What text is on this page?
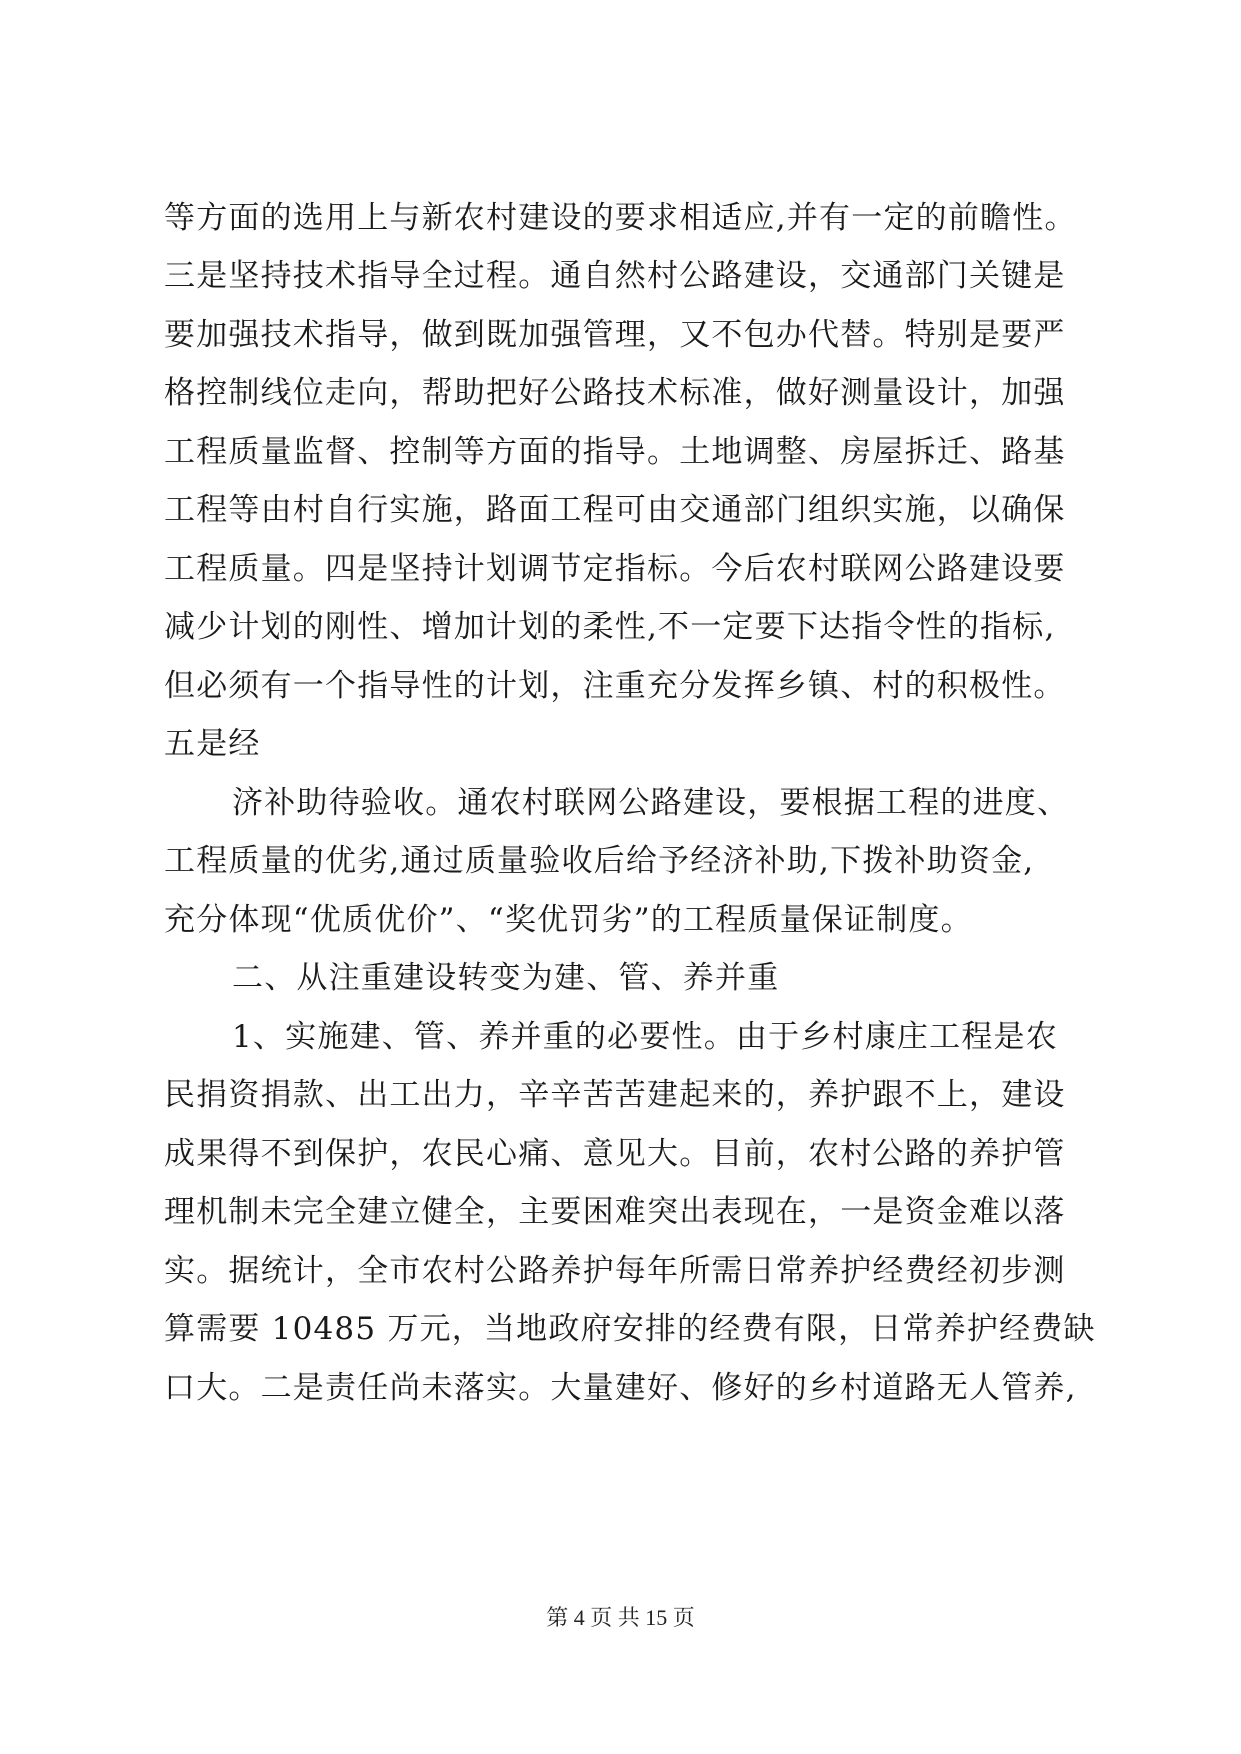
等方面的选用上与新农村建设的要求相适应,并有一定的前瞻性。
三是坚持技术指导全过程。通自然村公路建设，交通部门关键是
要加强技术指导，做到既加强管理，又不包办代替。特别是要严
格控制线位走向，帮助把好公路技术标准，做好测量设计，加强
工程质量监督、控制等方面的指导。土地调整、房屋拆迁、路基
工程等由村自行实施，路面工程可由交通部门组织实施，以确保
工程质量。四是坚持计划调节定指标。今后农村联网公路建设要
减少计划的刚性、增加计划的柔性,不一定要下达指令性的指标,
但必须有一个指导性的计划，注重充分发挥乡镇、村的积极性。
五是经
济补助待验收。通农村联网公路建设，要根据工程的进度、
工程质量的优劣,通过质量验收后给予经济补助,下拨补助资金,
充分体现“优质优价”、“奖优罚劣”的工程质量保证制度。
二、从注重建设转变为建、管、养并重
1、实施建、管、养并重的必要性。由于乡村康庄工程是农
民捐资捐款、出工出力，辛辛苦苦建起来的，养护跟不上，建设
成果得不到保护，农民心痛、意见大。目前，农村公路的养护管
理机制未完全建立健全，主要困难突出表现在，一是资金难以落
实。据统计，全市农村公路养护每年所需日常养护经费经初步测
算需要 10485 万元，当地政府安排的经费有限，日常养护经费缺
口大。二是责任尚未落实。大量建好、修好的乡村道路无人管养,
第 4 页 共 15 页
